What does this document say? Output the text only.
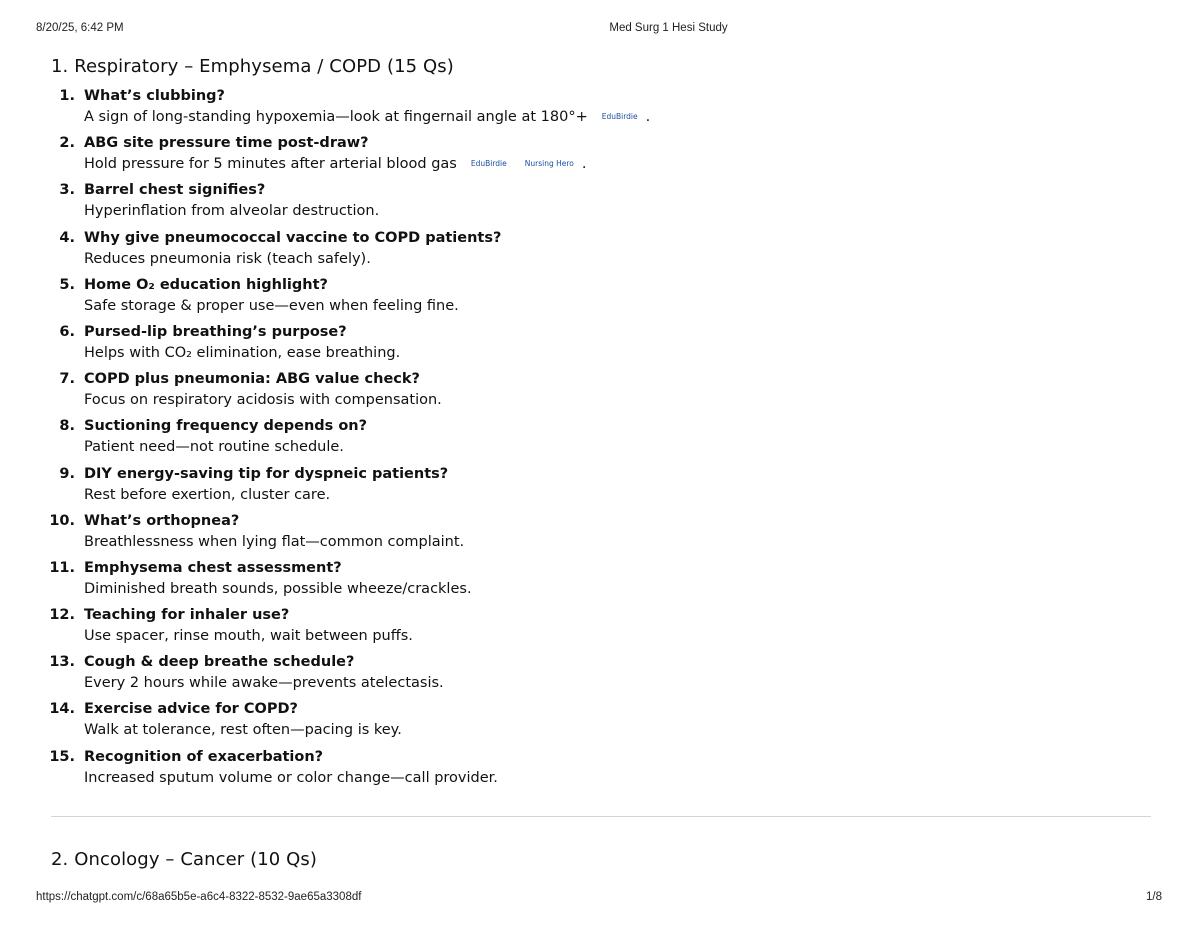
8/20/25, 6:42 PM	Med Surg 1 Hesi Study
1. Respiratory – Emphysema / COPD (15 Qs)
1. What’s clubbing?
A sign of long-standing hypoxemia—look at fingernail angle at 180°+ EduBirdie .
2. ABG site pressure time post-draw?
Hold pressure for 5 minutes after arterial blood gas EduBirdie Nursing Hero .
3. Barrel chest signifies?
Hyperinflation from alveolar destruction.
4. Why give pneumococcal vaccine to COPD patients?
Reduces pneumonia risk (teach safely).
5. Home O₂ education highlight?
Safe storage & proper use—even when feeling fine.
6. Pursed-lip breathing’s purpose?
Helps with CO₂ elimination, ease breathing.
7. COPD plus pneumonia: ABG value check?
Focus on respiratory acidosis with compensation.
8. Suctioning frequency depends on?
Patient need—not routine schedule.
9. DIY energy-saving tip for dyspneic patients?
Rest before exertion, cluster care.
10. What’s orthopnea?
Breathlessness when lying flat—common complaint.
11. Emphysema chest assessment?
Diminished breath sounds, possible wheeze/crackles.
12. Teaching for inhaler use?
Use spacer, rinse mouth, wait between puffs.
13. Cough & deep breathe schedule?
Every 2 hours while awake—prevents atelectasis.
14. Exercise advice for COPD?
Walk at tolerance, rest often—pacing is key.
15. Recognition of exacerbation?
Increased sputum volume or color change—call provider.
2. Oncology – Cancer (10 Qs)
https://chatgpt.com/c/68a65b5e-a6c4-8322-8532-9ae65a3308df	1/8
